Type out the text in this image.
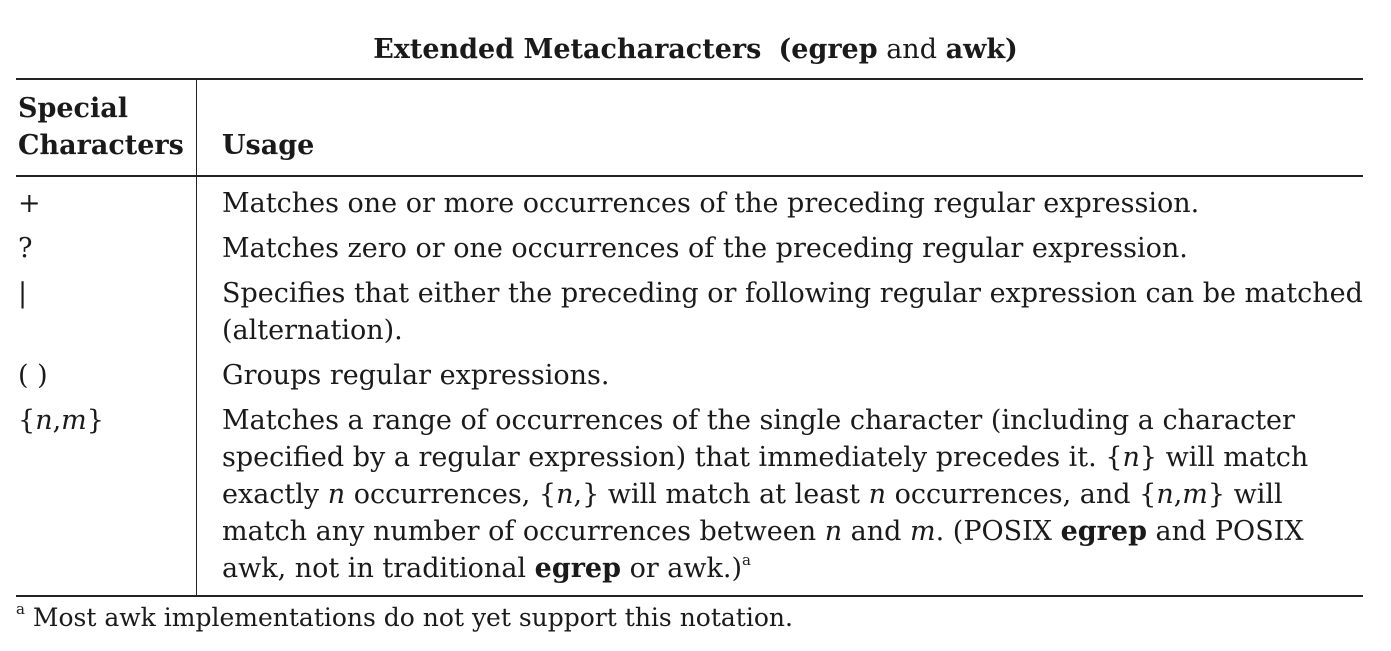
Extended Metacharacters (egrep and awk)
Special Characters	Usage
+	Matches one or more occurrences of the preceding regular expression.
?	Matches zero or one occurrences of the preceding regular expression.
|	Specifies that either the preceding or following regular expression can be matched (alternation).
( )	Groups regular expressions.
{n,m}	Matches a range of occurrences of the single character (including a character specified by a regular expression) that immediately precedes it. {n} will match exactly n occurrences, {n,} will match at least n occurrences, and {n,m} will match any number of occurrences between n and m. (POSIX egrep and POSIX awk, not in traditional egrep or awk.)$^a$
$^a$ Most awk implementations do not yet support this notation.
